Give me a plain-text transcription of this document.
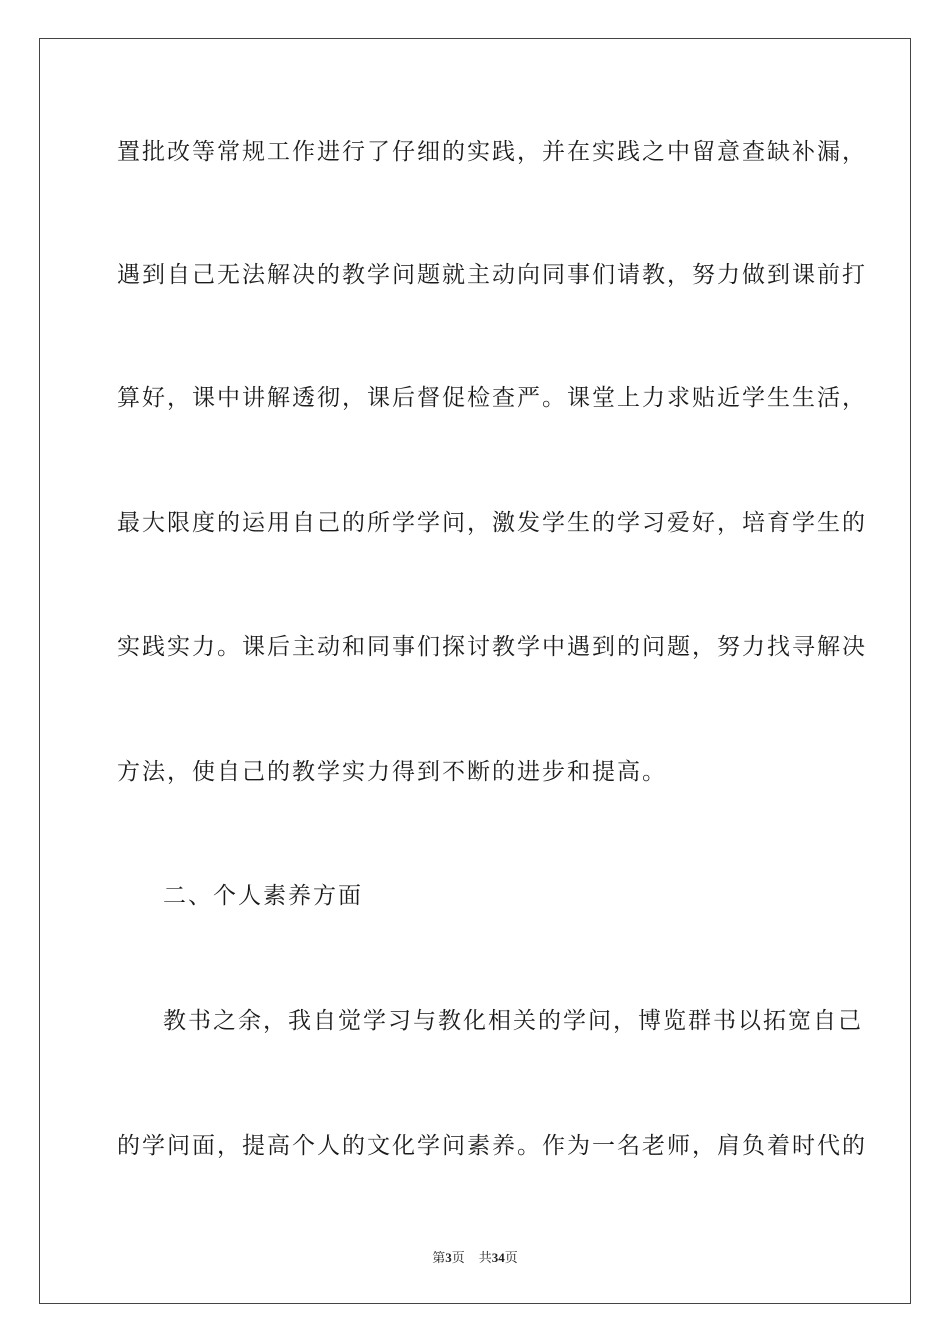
置批改等常规工作进行了仔细的实践，并在实践之中留意查缺补漏，
遇到自己无法解决的教学问题就主动向同事们请教，努力做到课前打
算好，课中讲解透彻，课后督促检查严。课堂上力求贴近学生生活，
最大限度的运用自己的所学学问，激发学生的学习爱好，培育学生的
实践实力。课后主动和同事们探讨教学中遇到的问题，努力找寻解决
方法，使自己的教学实力得到不断的进步和提高。
二、个人素养方面
教书之余，我自觉学习与教化相关的学问，博览群书以拓宽自己
的学问面，提高个人的文化学问素养。作为一名老师，肩负着时代的
第3页 共34页
